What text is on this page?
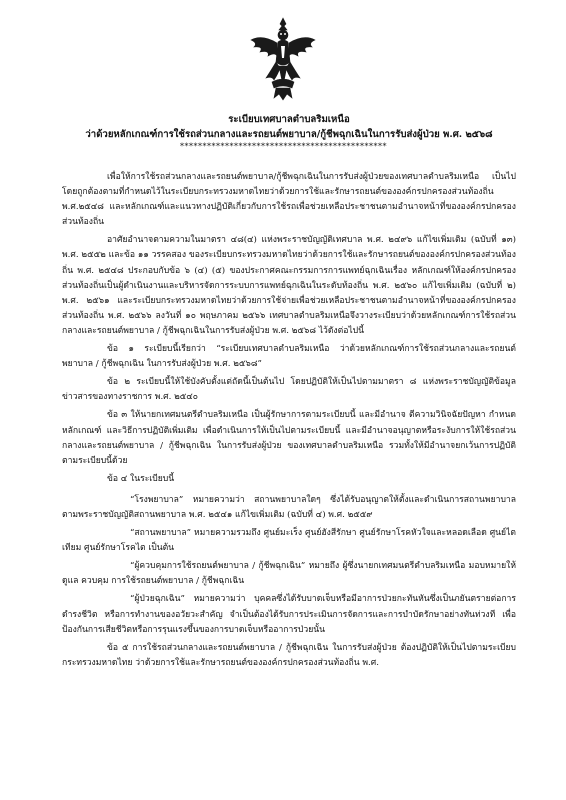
ระเบียบเทศบาลตำบลริมเหนือ
ว่าด้วยหลักเกณฑ์การใช้รถส่วนกลางและรถยนต์พยาบาล/กู้ชีพฉุกเฉินในการรับส่งผู้ป่วย พ.ศ. ๒๕๖๘
**********************************************

เพื่อให้การใช้รถส่วนกลางและรถยนต์พยาบาล/กู้ชีพฉุกเฉินในการรับส่งผู้ป่วยของเทศบาลตำบลริมเหนือ เป็นไปโดยถูกต้องตามที่กำหนดไว้ในระเบียบกระทรวงมหาดไทยว่าด้วยการใช้และรักษารถยนต์ขององค์กรปกครองส่วนท้องถิ่น พ.ศ.๒๕๔๘ และหลักเกณฑ์และแนวทางปฏิบัติเกี่ยวกับการใช้รถเพื่อช่วยเหลือประชาชนตามอำนาจหน้าที่ขององค์กรปกครองส่วนท้องถิ่น

อาศัยอำนาจตามความในมาตรา ๔๘(๔) แห่งพระราชบัญญัติเทศบาล พ.ศ. ๒๔๙๖ แก้ไขเพิ่มเติม (ฉบับที่ ๑๓) พ.ศ. ๒๕๕๒ และข้อ ๑๑ วรรคสอง ของระเบียบกระทรวงมหาดไทยว่าด้วยการใช้และรักษารถยนต์ขององค์กรปกครองส่วนท้องถิ่น พ.ศ. ๒๕๔๘ ประกอบกับข้อ ๖ (๔) (๕) ของประกาศคณะกรรมการการแพทย์ฉุกเฉินเรื่อง หลักเกณฑ์ให้องค์กรปกครองส่วนท้องถิ่นเป็นผู้ดำเนินงานและบริหารจัดการระบบการแพทย์ฉุกเฉินในระดับท้องถิ่น พ.ศ. ๒๕๖๐ แก้ไขเพิ่มเติม (ฉบับที่ ๒) พ.ศ. ๒๕๖๑ และระเบียบกระทรวงมหาดไทยว่าด้วยการใช้จ่ายเพื่อช่วยเหลือประชาชนตามอำนาจหน้าที่ขององค์กรปกครองส่วนท้องถิ่น พ.ศ. ๒๕๖๖ ลงวันที่ ๑๐ พฤษภาคม ๒๕๖๖ เทศบาลตำบลริมเหนือจึงวางระเบียบว่าด้วยหลักเกณฑ์การใช้รถส่วนกลางและรถยนต์พยาบาล / กู้ชีพฉุกเฉินในการรับส่งผู้ป่วย พ.ศ. ๒๕๖๘ ไว้ดังต่อไปนี้

ข้อ ๑ ระเบียบนี้เรียกว่า “ระเบียบเทศบาลตำบลริมเหนือ ว่าด้วยหลักเกณฑ์การใช้รถส่วนกลางและรถยนต์พยาบาล / กู้ชีพฉุกเฉิน ในการรับส่งผู้ป่วย พ.ศ. ๒๕๖๘”

ข้อ ๒ ระเบียบนี้ให้ใช้บังคับตั้งแต่ถัดนี้เป็นต้นไป โดยปฏิบัติให้เป็นไปตามมาตรา ๘ แห่งพระราชบัญญัติข้อมูลข่าวสารของทางราชการ พ.ศ. ๒๕๔๐

ข้อ ๓ ให้นายกเทศมนตรีตำบลริมเหนือ เป็นผู้รักษาการตามระเบียบนี้ และมีอำนาจ ตีความวินิจฉัยปัญหา กำหนดหลักเกณฑ์ และวิธีการปฏิบัติเพิ่มเติม เพื่อดำเนินการให้เป็นไปตามระเบียบนี้ และมีอำนาจอนุญาตหรือระงับการให้ใช้รถส่วนกลางและรถยนต์พยาบาล / กู้ชีพฉุกเฉิน ในการรับส่งผู้ป่วย ของเทศบาลตำบลริมเหนือ รวมทั้งให้มีอำนาจยกเว้นการปฏิบัติตามระเบียบนี้ด้วย

ข้อ ๔ ในระเบียบนี้

“โรงพยาบาล” หมายความว่า สถานพยาบาลใดๆ ซึ่งได้รับอนุญาตให้ตั้งและดำเนินการสถานพยาบาลตามพระราชบัญญัติสถานพยาบาล พ.ศ. ๒๕๔๑ แก้ไขเพิ่มเติม (ฉบับที่ ๔) พ.ศ. ๒๕๕๙

“สถานพยาบาล” หมายความรวมถึง ศูนย์มะเร็ง ศูนย์ฮังสีรักษา ศูนย์รักษาโรคหัวใจและหลอดเลือด ศูนย์ไตเทียม ศูนย์รักษาโรคไต เป็นต้น

“ผู้ควบคุมการใช้รถยนต์พยาบาล / กู้ชีพฉุกเฉิน” หมายถึง ผู้ซึ่งนายกเทศมนตรีตำบลริมเหนือ มอบหมายให้ดูแล ควบคุม การใช้รถยนต์พยาบาล / กู้ชีพฉุกเฉิน

“ผู้ป่วยฉุกเฉิน” หมายความว่า บุคคลซึ่งได้รับบาดเจ็บหรือมีอาการป่วยกะทันหันซึ่งเป็นภยันตรายต่อการดำรงชีวิต หรือการทำงานของอวัยวะสำคัญ จำเป็นต้องได้รับการประเมินการจัดการและการบำบัดรักษาอย่างทันท่วงที เพื่อป้องกันการเสียชีวิตหรือการรุนแรงขึ้นของการบาดเจ็บหรืออาการป่วยนั้น

ข้อ ๕ การใช้รถส่วนกลางและรถยนต์พยาบาล / กู้ชีพฉุกเฉิน ในการรับส่งผู้ป่วย ต้องปฏิบัติให้เป็นไปตามระเบียบกระทรวงมหาดไทย ว่าด้วยการใช้และรักษารถยนต์ขององค์กรปกครองส่วนท้องถิ่น พ.ศ.
